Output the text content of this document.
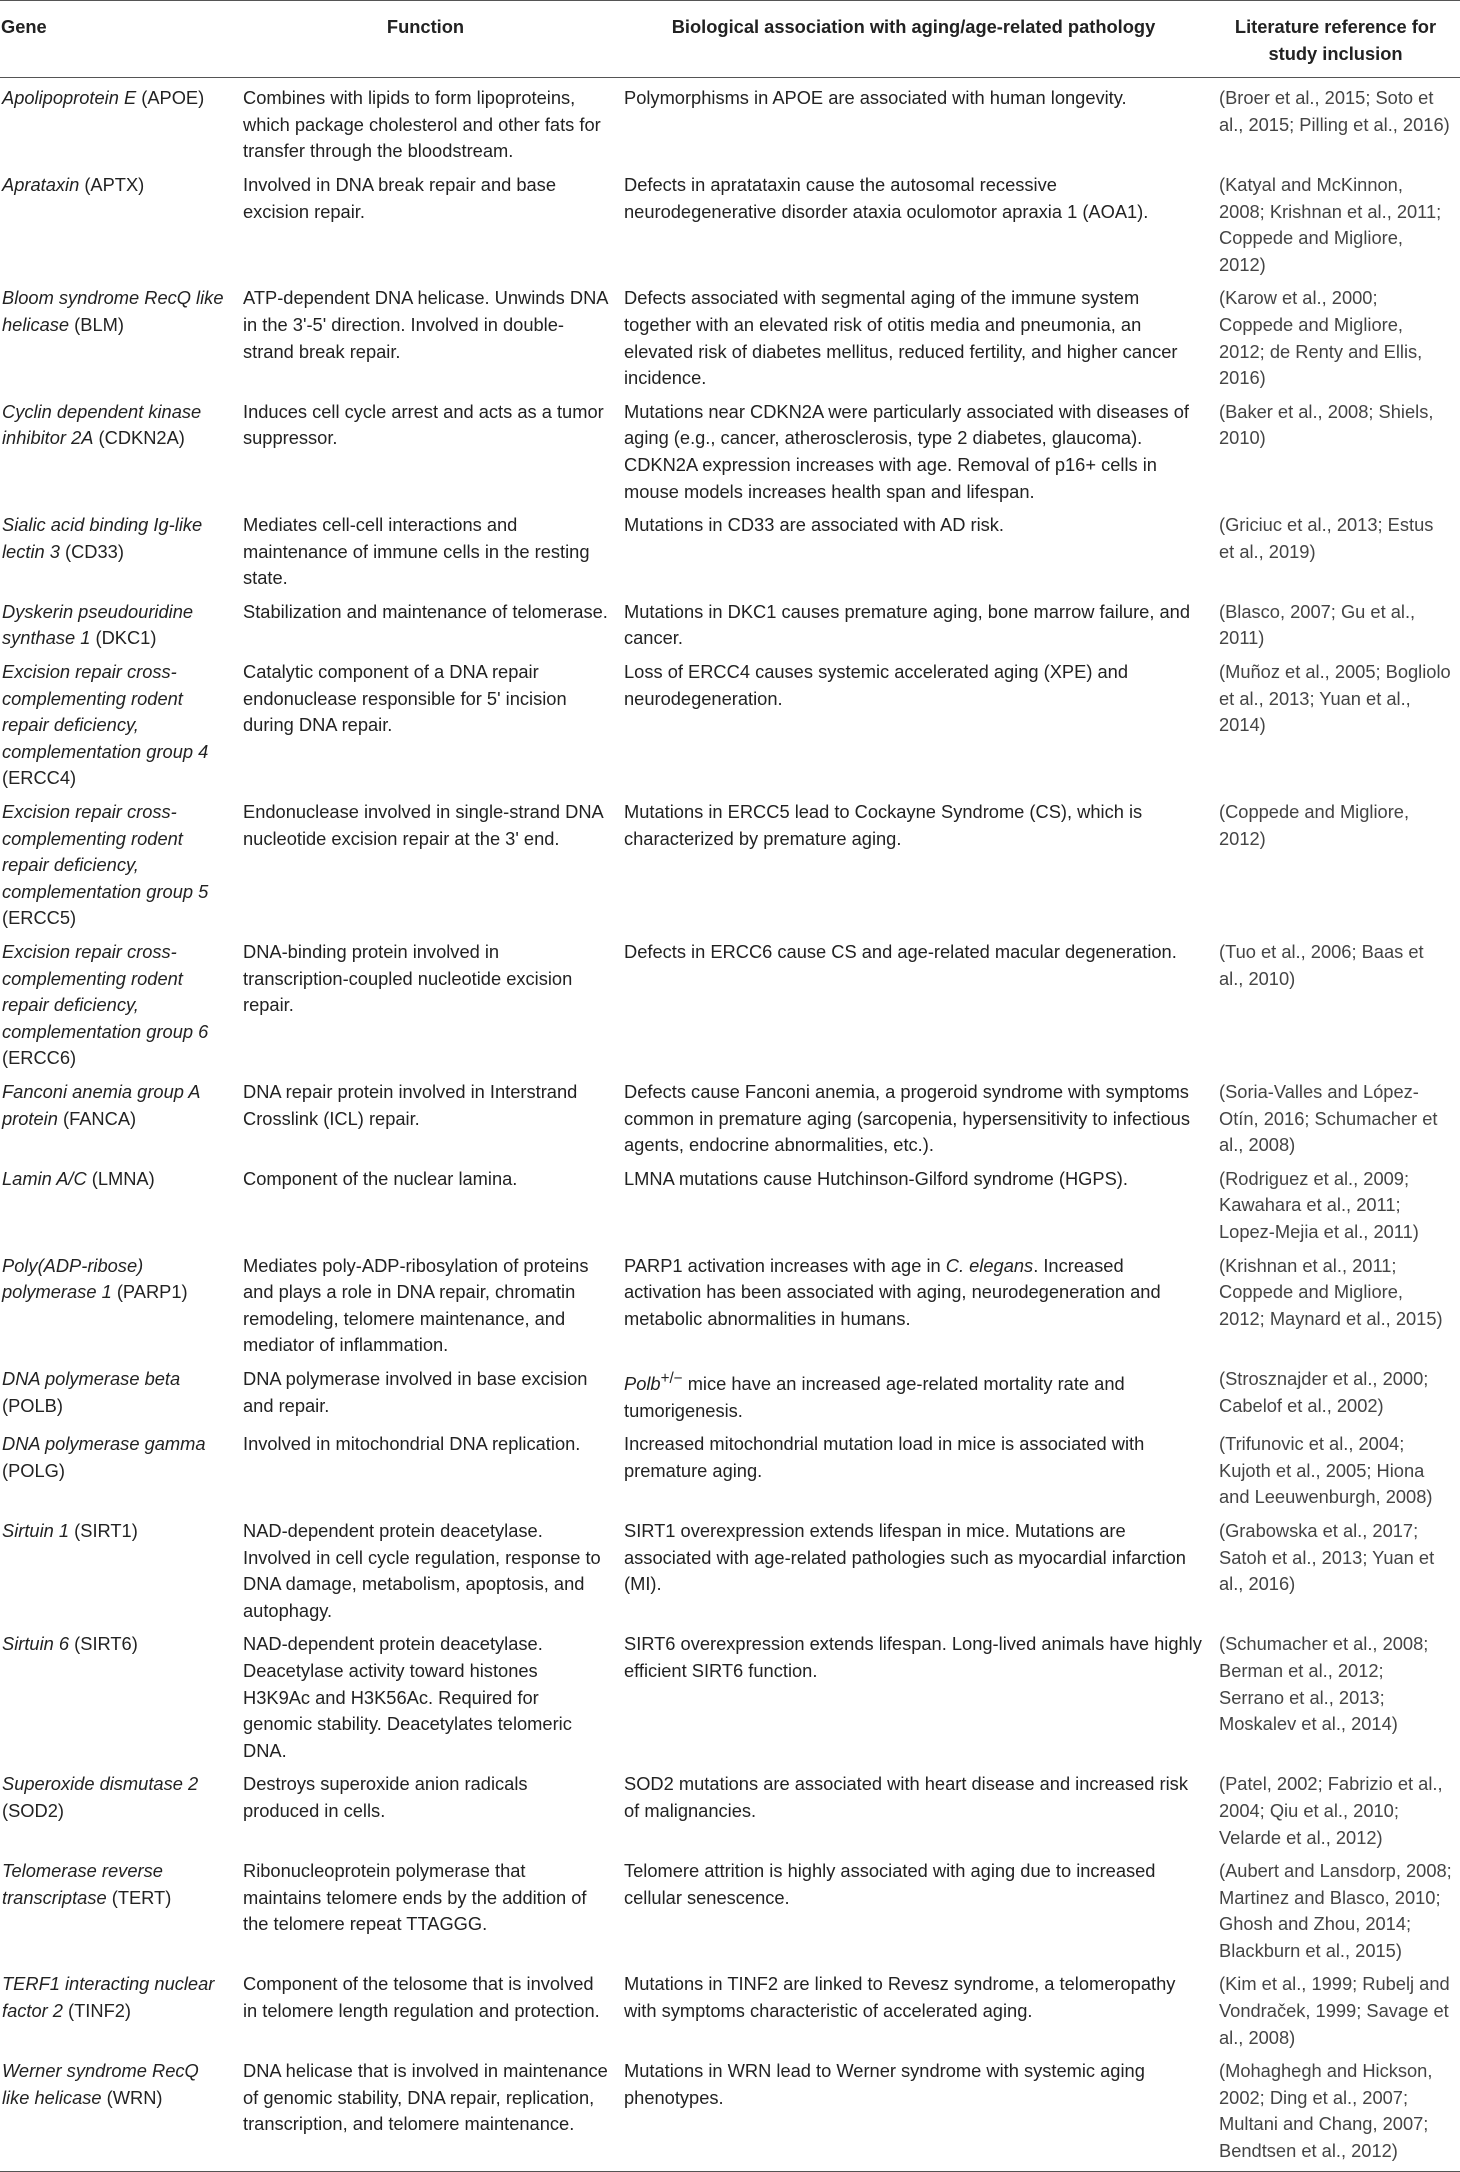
Gene	Function	Biological association with aging/age-related pathology	Literature reference for study inclusion
Apolipoprotein E (APOE)	Combines with lipids to form lipoproteins, which package cholesterol and other fats for transfer through the bloodstream.	Polymorphisms in APOE are associated with human longevity.	(Broer et al., 2015; Soto et al., 2015; Pilling et al., 2016)
Aprataxin (APTX)	Involved in DNA break repair and base excision repair.	Defects in apratataxin cause the autosomal recessive neurodegenerative disorder ataxia oculomotor apraxia 1 (AOA1).	(Katyal and McKinnon, 2008; Krishnan et al., 2011; Coppede and Migliore, 2012)
Bloom syndrome RecQ like helicase (BLM)	ATP-dependent DNA helicase. Unwinds DNA in the 3'-5' direction. Involved in double-strand break repair.	Defects associated with segmental aging of the immune system together with an elevated risk of otitis media and pneumonia, an elevated risk of diabetes mellitus, reduced fertility, and higher cancer incidence.	(Karow et al., 2000; Coppede and Migliore, 2012; de Renty and Ellis, 2016)
Cyclin dependent kinase inhibitor 2A (CDKN2A)	Induces cell cycle arrest and acts as a tumor suppressor.	Mutations near CDKN2A were particularly associated with diseases of aging (e.g., cancer, atherosclerosis, type 2 diabetes, glaucoma). CDKN2A expression increases with age. Removal of p16+ cells in mouse models increases health span and lifespan.	(Baker et al., 2008; Shiels, 2010)
Sialic acid binding Ig-like lectin 3 (CD33)	Mediates cell-cell interactions and maintenance of immune cells in the resting state.	Mutations in CD33 are associated with AD risk.	(Griciuc et al., 2013; Estus et al., 2019)
Dyskerin pseudouridine synthase 1 (DKC1)	Stabilization and maintenance of telomerase.	Mutations in DKC1 causes premature aging, bone marrow failure, and cancer.	(Blasco, 2007; Gu et al., 2011)
Excision repair cross-complementing rodent repair deficiency, complementation group 4 (ERCC4)	Catalytic component of a DNA repair endonuclease responsible for 5' incision during DNA repair.	Loss of ERCC4 causes systemic accelerated aging (XPE) and neurodegeneration.	(Muñoz et al., 2005; Bogliolo et al., 2013; Yuan et al., 2014)
Excision repair cross-complementing rodent repair deficiency, complementation group 5 (ERCC5)	Endonuclease involved in single-strand DNA nucleotide excision repair at the 3' end.	Mutations in ERCC5 lead to Cockayne Syndrome (CS), which is characterized by premature aging.	(Coppede and Migliore, 2012)
Excision repair cross-complementing rodent repair deficiency, complementation group 6 (ERCC6)	DNA-binding protein involved in transcription-coupled nucleotide excision repair.	Defects in ERCC6 cause CS and age-related macular degeneration.	(Tuo et al., 2006; Baas et al., 2010)
Fanconi anemia group A protein (FANCA)	DNA repair protein involved in Interstrand Crosslink (ICL) repair.	Defects cause Fanconi anemia, a progeroid syndrome with symptoms common in premature aging (sarcopenia, hypersensitivity to infectious agents, endocrine abnormalities, etc.).	(Soria-Valles and López-Otín, 2016; Schumacher et al., 2008)
Lamin A/C (LMNA)	Component of the nuclear lamina.	LMNA mutations cause Hutchinson-Gilford syndrome (HGPS).	(Rodriguez et al., 2009; Kawahara et al., 2011; Lopez-Mejia et al., 2011)
Poly(ADP-ribose) polymerase 1 (PARP1)	Mediates poly-ADP-ribosylation of proteins and plays a role in DNA repair, chromatin remodeling, telomere maintenance, and mediator of inflammation.	PARP1 activation increases with age in C. elegans. Increased activation has been associated with aging, neurodegeneration and metabolic abnormalities in humans.	(Krishnan et al., 2011; Coppede and Migliore, 2012; Maynard et al., 2015)
DNA polymerase beta (POLB)	DNA polymerase involved in base excision and repair.	Polb+/− mice have an increased age-related mortality rate and tumorigenesis.	(Strosznajder et al., 2000; Cabelof et al., 2002)
DNA polymerase gamma (POLG)	Involved in mitochondrial DNA replication.	Increased mitochondrial mutation load in mice is associated with premature aging.	(Trifunovic et al., 2004; Kujoth et al., 2005; Hiona and Leeuwenburgh, 2008)
Sirtuin 1 (SIRT1)	NAD-dependent protein deacetylase. Involved in cell cycle regulation, response to DNA damage, metabolism, apoptosis, and autophagy.	SIRT1 overexpression extends lifespan in mice. Mutations are associated with age-related pathologies such as myocardial infarction (MI).	(Grabowska et al., 2017; Satoh et al., 2013; Yuan et al., 2016)
Sirtuin 6 (SIRT6)	NAD-dependent protein deacetylase. Deacetylase activity toward histones H3K9Ac and H3K56Ac. Required for genomic stability. Deacetylates telomeric DNA.	SIRT6 overexpression extends lifespan. Long-lived animals have highly efficient SIRT6 function.	(Schumacher et al., 2008; Berman et al., 2012; Serrano et al., 2013; Moskalev et al., 2014)
Superoxide dismutase 2 (SOD2)	Destroys superoxide anion radicals produced in cells.	SOD2 mutations are associated with heart disease and increased risk of malignancies.	(Patel, 2002; Fabrizio et al., 2004; Qiu et al., 2010; Velarde et al., 2012)
Telomerase reverse transcriptase (TERT)	Ribonucleoprotein polymerase that maintains telomere ends by the addition of the telomere repeat TTAGGG.	Telomere attrition is highly associated with aging due to increased cellular senescence.	(Aubert and Lansdorp, 2008; Martinez and Blasco, 2010; Ghosh and Zhou, 2014; Blackburn et al., 2015)
TERF1 interacting nuclear factor 2 (TINF2)	Component of the telosome that is involved in telomere length regulation and protection.	Mutations in TINF2 are linked to Revesz syndrome, a telomeropathy with symptoms characteristic of accelerated aging.	(Kim et al., 1999; Rubelj and Vondraček, 1999; Savage et al., 2008)
Werner syndrome RecQ like helicase (WRN)	DNA helicase that is involved in maintenance of genomic stability, DNA repair, replication, transcription, and telomere maintenance.	Mutations in WRN lead to Werner syndrome with systemic aging phenotypes.	(Mohaghegh and Hickson, 2002; Ding et al., 2007; Multani and Chang, 2007; Bendtsen et al., 2012)
